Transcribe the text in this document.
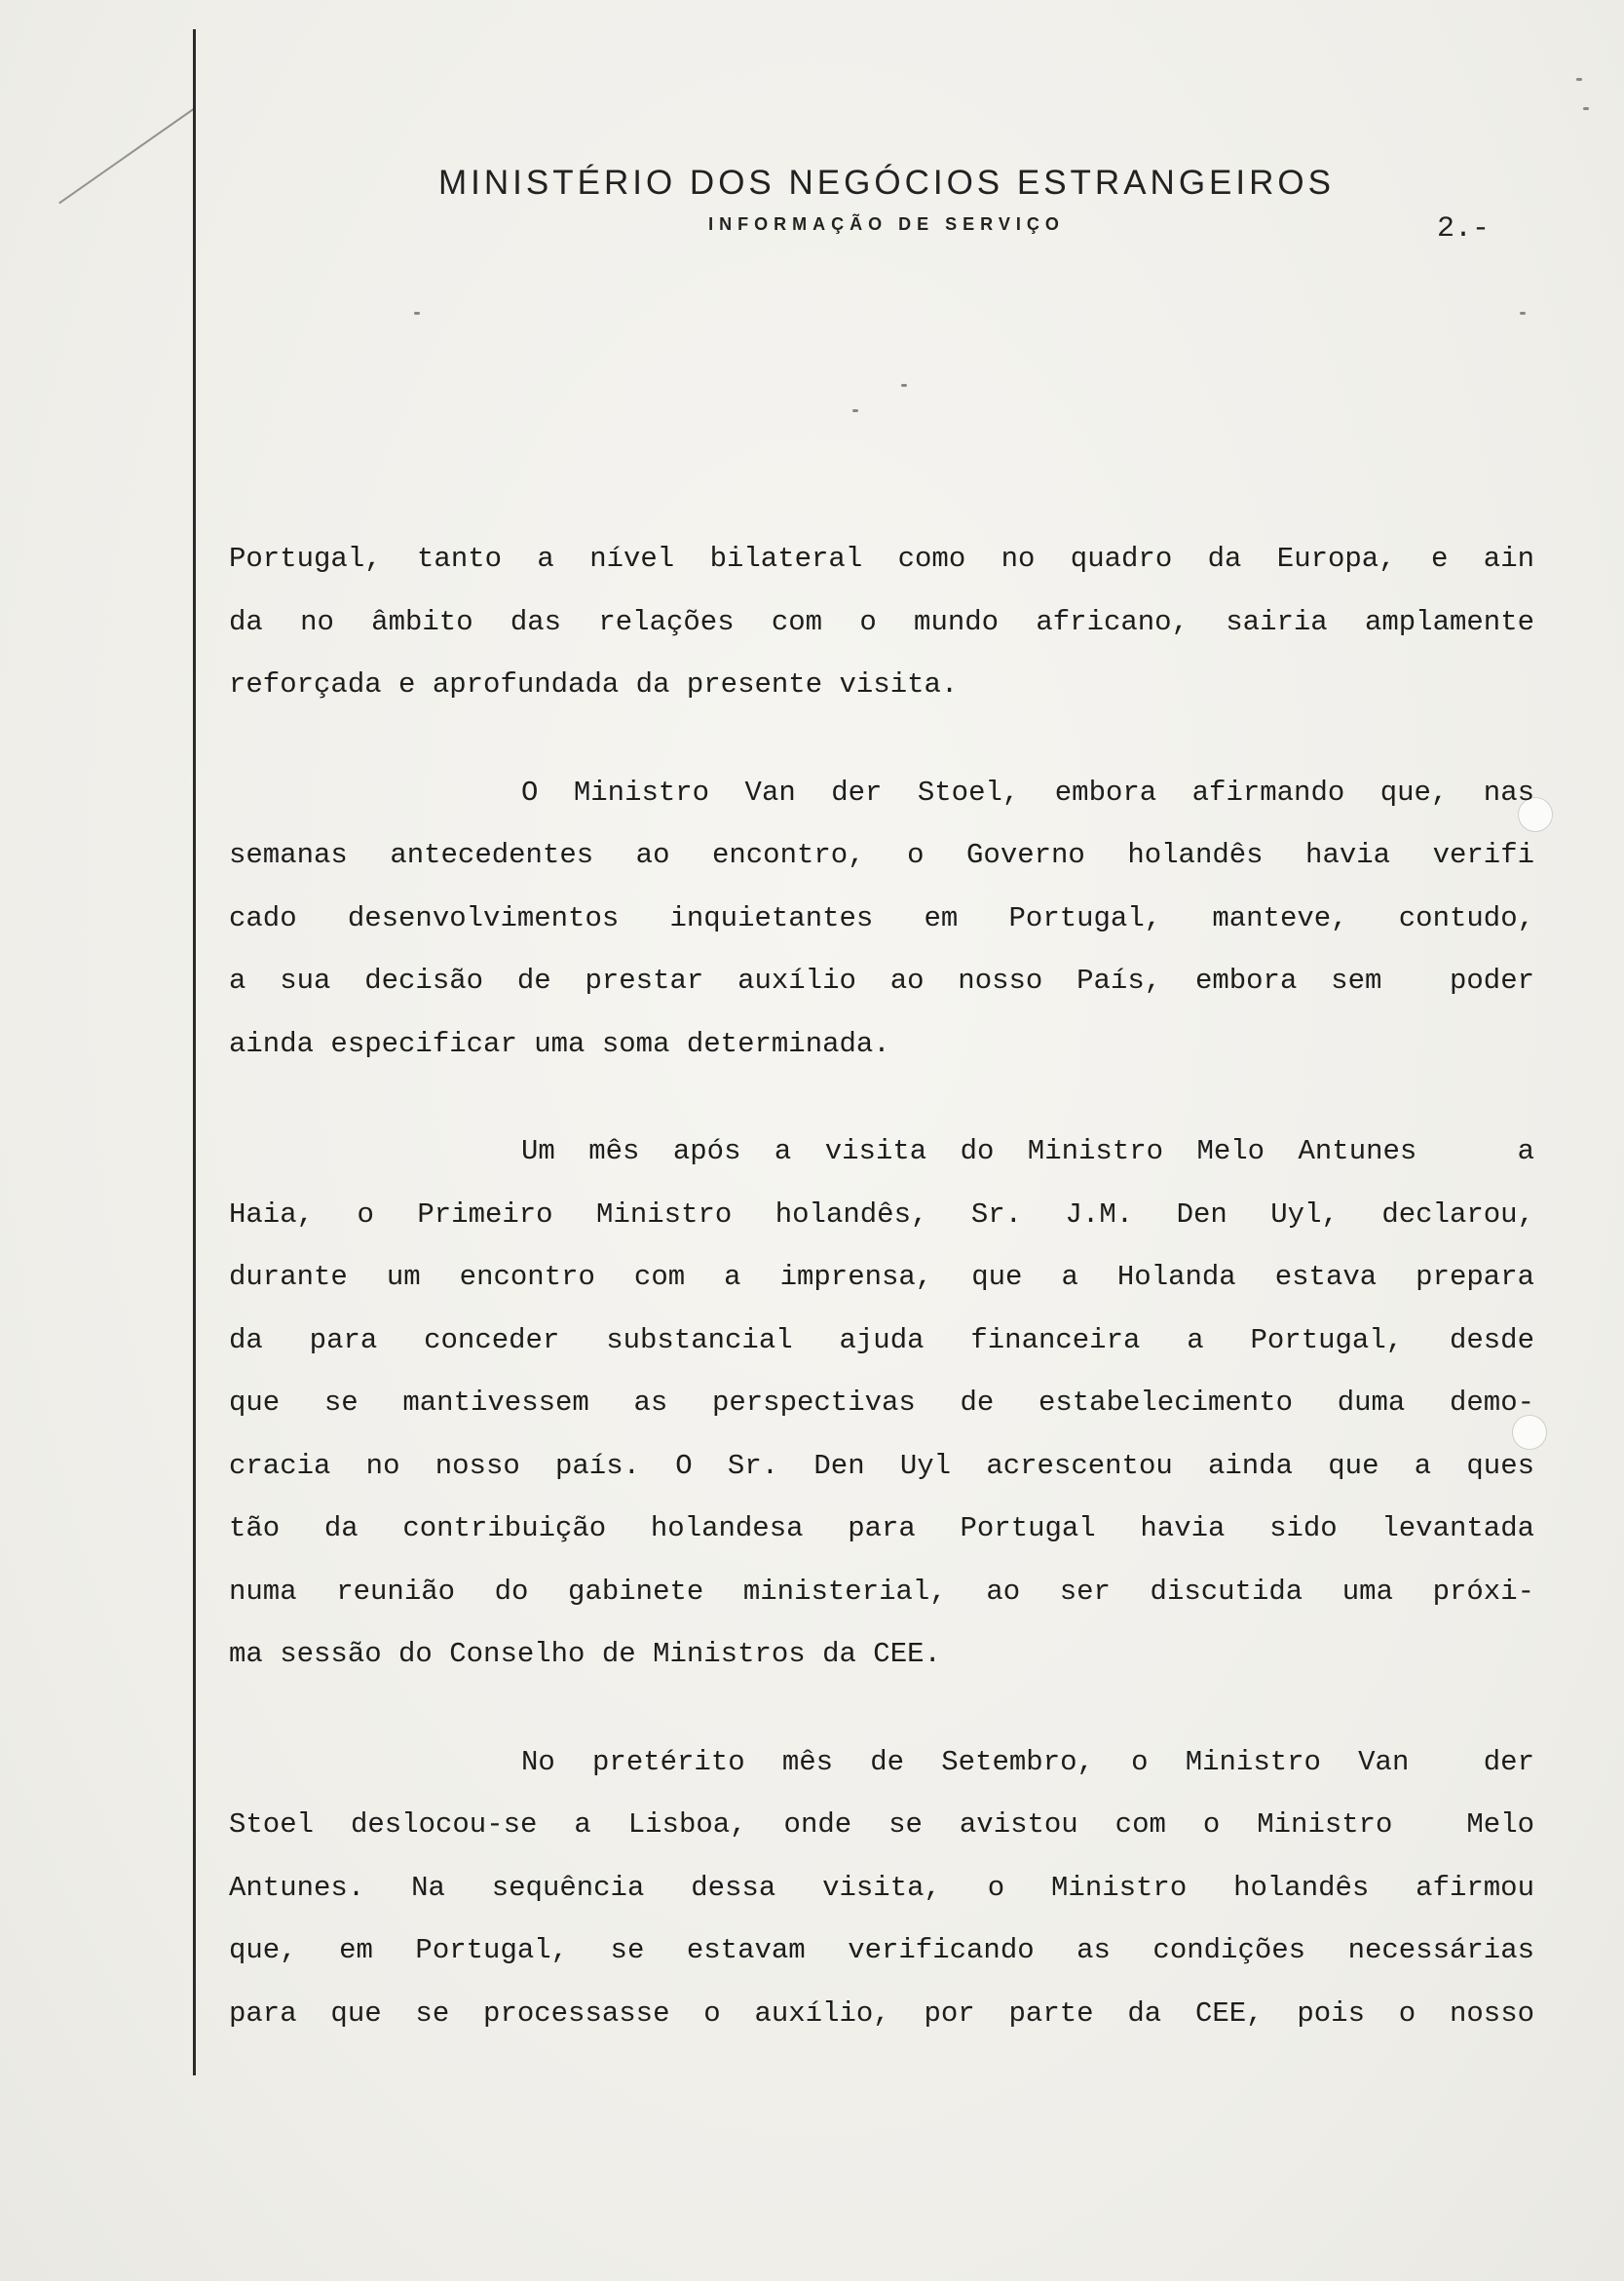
MINISTÉRIO DOS NEGÓCIOS ESTRANGEIROS
INFORMAÇÃO DE SERVIÇO	2.-
Portugal, tanto a nível bilateral como no quadro da Europa, e ain
da no âmbito das relações com o mundo africano, sairia amplamente
reforçada e aprofundada da presente visita.
O Ministro Van der Stoel, embora afirmando que, nas
semanas antecedentes ao encontro, o Governo holandês havia verifi
cado desenvolvimentos inquietantes em Portugal, manteve, contudo,
a sua decisão de prestar auxílio ao nosso País, embora sem  poder
ainda especificar uma soma determinada.
Um mês após a visita do Ministro Melo Antunes   a
Haia, o Primeiro Ministro holandês, Sr. J.M. Den Uyl, declarou,
durante um encontro com a imprensa, que a Holanda estava prepara
da para conceder substancial ajuda financeira a Portugal, desde
que se mantivessem as perspectivas de estabelecimento duma demo-
cracia no nosso país. O Sr. Den Uyl acrescentou ainda que a ques
tão da contribuição holandesa para Portugal havia sido levantada
numa reunião do gabinete ministerial, ao ser discutida uma próxi-
ma sessão do Conselho de Ministros da CEE.
No pretérito mês de Setembro, o Ministro Van  der
Stoel deslocou-se a Lisboa, onde se avistou com o Ministro  Melo
Antunes. Na sequência dessa visita, o Ministro holandês afirmou
que, em Portugal, se estavam verificando as condições necessárias
para que se processasse o auxílio, por parte da CEE, pois o nosso
